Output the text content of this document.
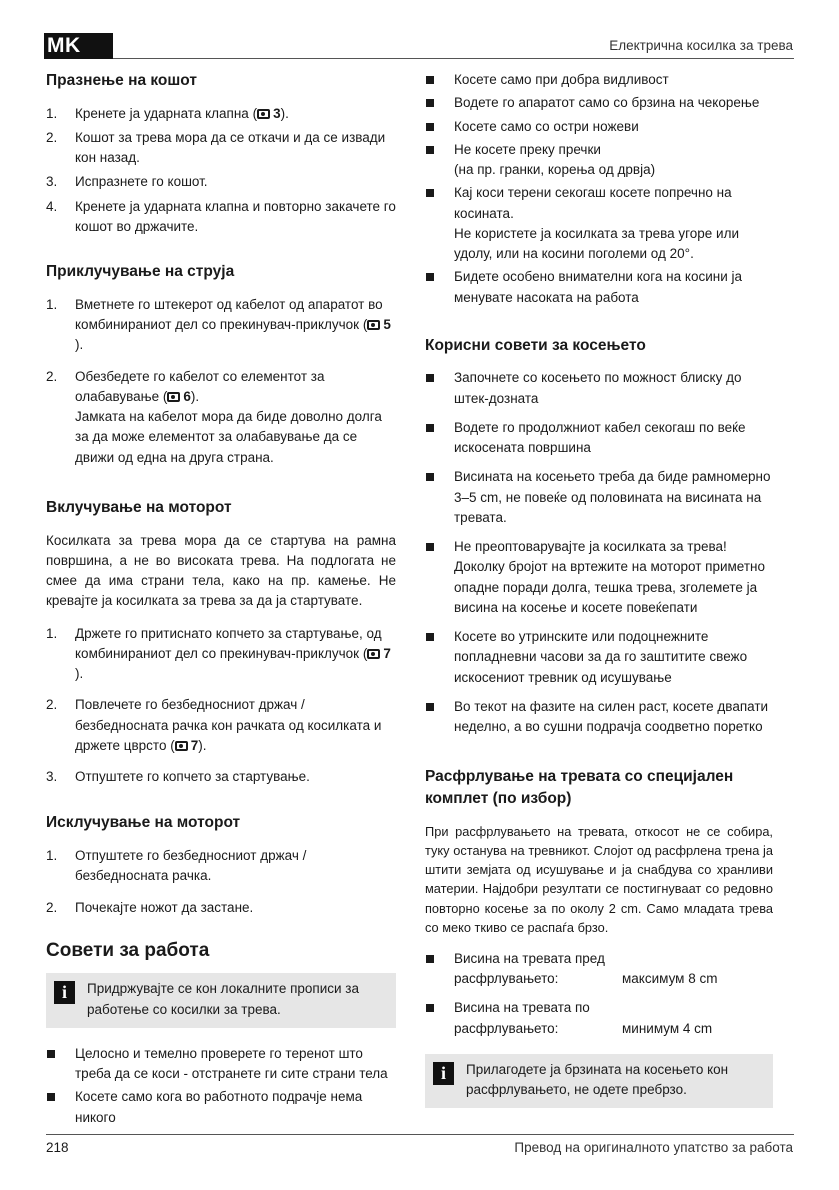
MK	Електрична косилка за трева
Празнење на кошот
1.	Кренете ја ударната клапна ( 3).
2.	Кошот за трева мора да се откачи и да се извади кон назад.
3.	Испразнете го кошот.
4.	Кренете ја ударната клапна и повторно закачете го кошот во држачите.
Приклучување на струја
1.	Вметнете го штекерот од кабелот од апаратот во комбинираниот дел со прекинувач-приклучок ( 5).
2.	Обезбедете го кабелот со елементот за олабавување ( 6).
Јамката на кабелот мора да биде доволно долга за да може елементот за олабавување да се движи од една на друга страна.
Вклучување на моторот

Косилката за трева мора да се стартува на рамна површина, а не во високата трева. На подлогата не смее да има страни тела, како на пр. камење. Не кревајте ја косилката за трева за да ја стартувате.

1.	Држете го притиснато копчето за стартување, од комбинираниот дел со прекинувач-приклучок ( 7).
2.	Повлечете го безбедносниот држач / безбедносната рачка кон рачката од косилката и држете цврсто ( 7).
3.	Отпуштете го копчето за стартување.
Исклучување на моторот
1.	Отпуштете го безбедносниот држач / безбедносната рачка.
2.	Почекајте ножот да застане.
Совети за работа
i	Придржувајте се кон локалните прописи за работење со косилки за трева.
Целосно и темелно проверете го теренот што треба да се коси - отстранете ги сите страни тела
Косете само кога во работното подрачје нема никого
Косете само при добра видливост
Водете го апаратот само со брзина на чекорење
Косете само со остри ножеви
Не косете преку пречки
(на пр. гранки, корења од дрвја)
Кај коси терени секогаш косете попречно на косината.
Не користете ја косилката за трева угоре или удолу, или на косини поголеми од 20°.
Бидете особено внимателни кога на косини ја менувате насоката на работа
Корисни совети за косењето
Започнете со косењето по можност блиску до штек-дозната
Водете го продолжниот кабел секогаш по веќе искосената површина
Висината на косењето треба да биде рамномерно 3–5 cm, не повеќе од половината на висината на тревата.
Не преоптоварувајте ја косилката за трева! Доколку бројот на вртежите на моторот приметно опадне поради долга, тешка трева, зголемете ја висина на косење и косете повеќепати
Косете во утринските или подоцнежните попладневни часови за да го заштитите свежо искосениот тревник од исушување
Во текот на фазите на силен раст, косете двапати неделно, а во сушни подрачја соодветно поретко
Расфрлување на тревата со специјален комплет (по избор)

При расфрлувањето на тревата, откосот не се собира, туку останува на тревникот. Слојот од расфрлена трена ја штити земјата од исушување и ја снабдува со хранливи материи. Најдобри резултати се постигнуваат со редовно повторно косење за по околу 2 cm. Само младата трева со меко ткиво се распаѓа брзо.

Висина на тревата пред

расфрлувањето:	максимум 8 cm
Висина на тревата по

расфрлувањето:	минимум 4 cm
i	Прилагодете ја брзината на косењето кон расфрлувањето, не одете пребрзо.
218	Превод на оригиналното упатство за работа
